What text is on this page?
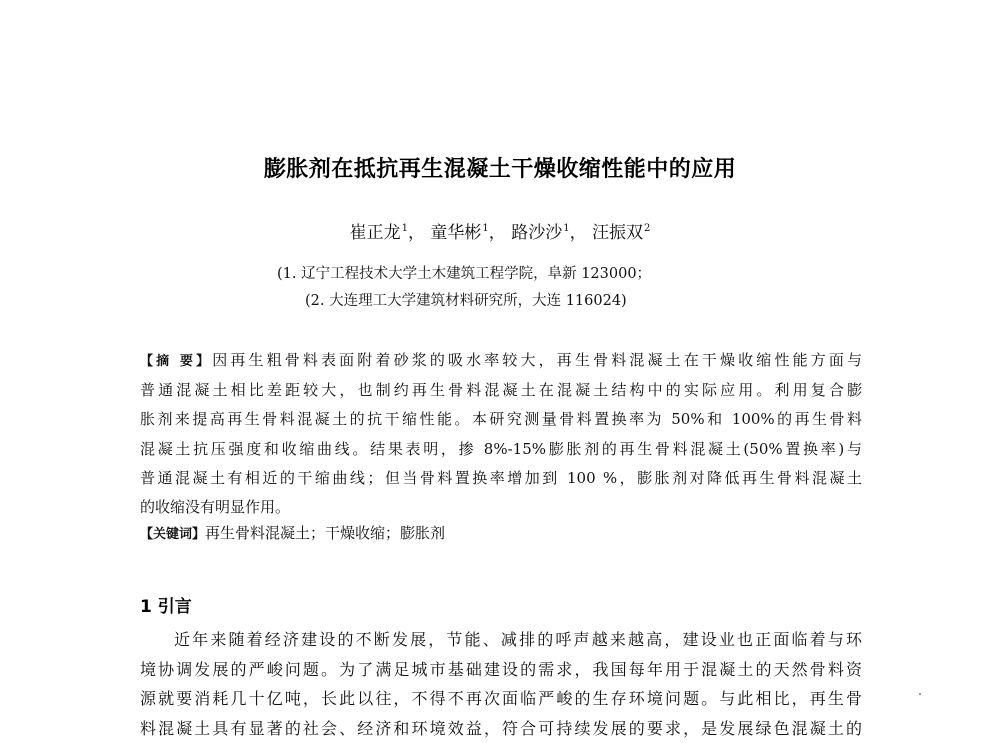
膨胀剂在抵抗再生混凝土干燥收缩性能中的应用
崔正龙$^1$， 童华彬$^1$， 路沙沙$^1$， 汪振双$^2$
(1. 辽宁工程技术大学土木建筑工程学院，阜新 123000；
(2. 大连理工大学建筑材料研究所，大连 116024)
【摘 要】因再生粗骨料表面附着砂浆的吸水率较大，再生骨料混凝土在干燥收缩性能方面与
普通混凝土相比差距较大，也制约再生骨料混凝土在混凝土结构中的实际应用。利用复合膨
胀剂来提高再生骨料混凝土的抗干缩性能。本研究测量骨料置换率为 50%和 100%的再生骨料
混凝土抗压强度和收缩曲线。结果表明，掺 8%-15%膨胀剂的再生骨料混凝土(50%置换率)与
普通混凝土有相近的干缩曲线；但当骨料置换率增加到 100 %，膨胀剂对降低再生骨料混凝土
的收缩没有明显作用。
【关键词】再生骨料混凝土；干燥收缩；膨胀剂
1 引言
近年来随着经济建设的不断发展，节能、减排的呼声越来越高，建设业也正面临着与环
境协调发展的严峻问题。为了满足城市基础建设的需求，我国每年用于混凝土的天然骨料资
源就要消耗几十亿吨，长此以往，不得不再次面临严峻的生存环境问题。与此相比，再生骨
料混凝土具有显著的社会、经济和环境效益，符合可持续发展的要求，是发展绿色混凝土的
